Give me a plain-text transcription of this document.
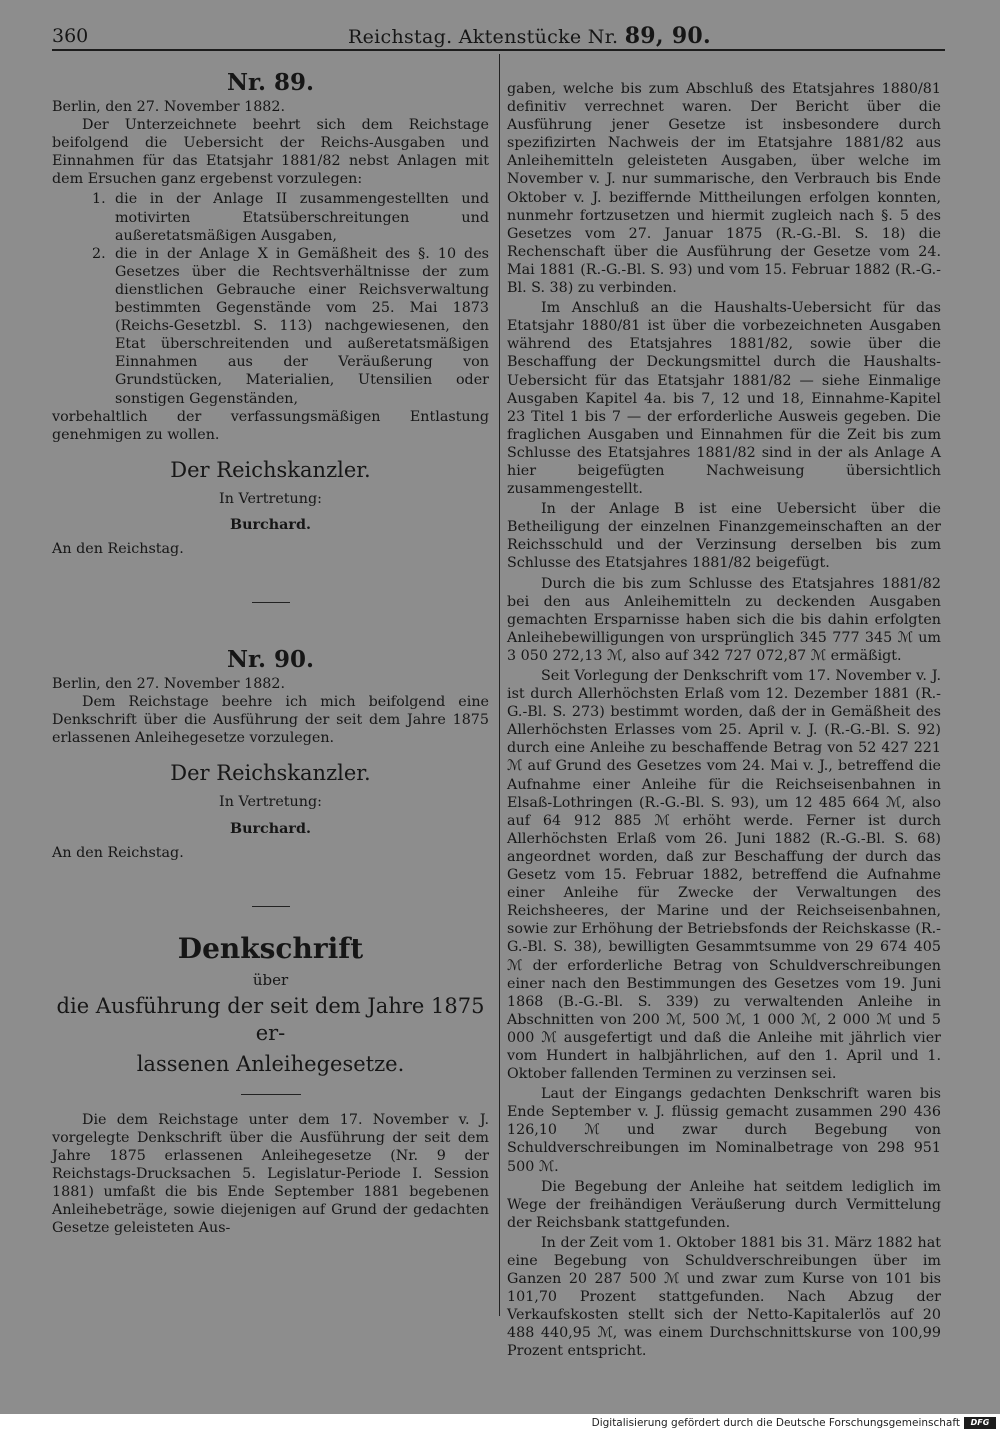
360	Reichstag. Aktenstücke Nr. 89, 90.
Nr. 89.

Berlin, den 27. November 1882.

Der Unterzeichnete beehrt sich dem Reichstage beifolgend die Uebersicht der Reichs-Ausgaben und Einnahmen für das Etatsjahr 1881/82 nebst Anlagen mit dem Ersuchen ganz ergebenst vorzulegen:

1. die in der Anlage II zusammengestellten und motivirten Etatsüberschreitungen und außeretatsmäßigen Ausgaben,
2. die in der Anlage X in Gemäßheit des §. 10 des Gesetzes über die Rechtsverhältnisse der zum dienstlichen Gebrauche einer Reichsverwaltung bestimmten Gegenstände vom 25. Mai 1873 (Reichs-Gesetzbl. S. 113) nachgewiesenen, den Etat überschreitenden und außeretatsmäßigen Einnahmen aus der Veräußerung von Grundstücken, Materialien, Utensilien oder sonstigen Gegenständen,

vorbehaltlich der verfassungsmäßigen Entlastung genehmigen zu wollen.

Der Reichskanzler.
In Vertretung:
Burchard.
An den Reichstag.
Nr. 90.

Berlin, den 27. November 1882.

Dem Reichstage beehre ich mich beifolgend eine Denkschrift über die Ausführung der seit dem Jahre 1875 erlassenen Anleihegesetze vorzulegen.

Der Reichskanzler.
In Vertretung:
Burchard.
An den Reichstag.
Denkschrift
über
die Ausführung der seit dem Jahre 1875 er-
lassenen Anleihegesetze.

Die dem Reichstage unter dem 17. November v. J. vorgelegte Denkschrift über die Ausführung der seit dem Jahre 1875 erlassenen Anleihegesetze (Nr. 9 der Reichstags-Drucksachen 5. Legislatur-Periode I. Session 1881) umfaßt die bis Ende September 1881 begebenen Anleihebeträge, sowie diejenigen auf Grund der gedachten Gesetze geleisteten Aus-

gaben, welche bis zum Abschluß des Etatsjahres 1880/81 definitiv verrechnet waren. Der Bericht über die Ausführung jener Gesetze ist insbesondere durch spezifizirten Nachweis der im Etatsjahre 1881/82 aus Anleihemitteln geleisteten Ausgaben, über welche im November v. J. nur summarische, den Verbrauch bis Ende Oktober v. J. beziffernde Mittheilungen erfolgen konnten, nunmehr fortzusetzen und hiermit zugleich nach §. 5 des Gesetzes vom 27. Januar 1875 (R.-G.-Bl. S. 18) die Rechenschaft über die Ausführung der Gesetze vom 24. Mai 1881 (R.-G.-Bl. S. 93) und vom 15. Februar 1882 (R.-G.-Bl. S. 38) zu verbinden.

Im Anschluß an die Haushalts-Uebersicht für das Etatsjahr 1880/81 ist über die vorbezeichneten Ausgaben während des Etatsjahres 1881/82, sowie über die Beschaffung der Deckungsmittel durch die Haushalts-Uebersicht für das Etatsjahr 1881/82 — siehe Einmalige Ausgaben Kapitel 4a. bis 7, 12 und 18, Einnahme-Kapitel 23 Titel 1 bis 7 — der erforderliche Ausweis gegeben. Die fraglichen Ausgaben und Einnahmen für die Zeit bis zum Schlusse des Etatsjahres 1881/82 sind in der als Anlage A hier beigefügten Nachweisung übersichtlich zusammengestellt.

In der Anlage B ist eine Uebersicht über die Betheiligung der einzelnen Finanzgemeinschaften an der Reichsschuld und der Verzinsung derselben bis zum Schlusse des Etatsjahres 1881/82 beigefügt.

Durch die bis zum Schlusse des Etatsjahres 1881/82 bei den aus Anleihemitteln zu deckenden Ausgaben gemachten Ersparnisse haben sich die bis dahin erfolgten Anleihebewilligungen von ursprünglich 345 777 345 ℳ um 3 050 272,13 ℳ, also auf 342 727 072,87 ℳ ermäßigt.

Seit Vorlegung der Denkschrift vom 17. November v. J. ist durch Allerhöchsten Erlaß vom 12. Dezember 1881 (R.-G.-Bl. S. 273) bestimmt worden, daß der in Gemäßheit des Allerhöchsten Erlasses vom 25. April v. J. (R.-G.-Bl. S. 92) durch eine Anleihe zu beschaffende Betrag von 52 427 221 ℳ auf Grund des Gesetzes vom 24. Mai v. J., betreffend die Aufnahme einer Anleihe für die Reichseisenbahnen in Elsaß-Lothringen (R.-G.-Bl. S. 93), um 12 485 664 ℳ, also auf 64 912 885 ℳ erhöht werde. Ferner ist durch Allerhöchsten Erlaß vom 26. Juni 1882 (R.-G.-Bl. S. 68) angeordnet worden, daß zur Beschaffung der durch das Gesetz vom 15. Februar 1882, betreffend die Aufnahme einer Anleihe für Zwecke der Verwaltungen des Reichsheeres, der Marine und der Reichseisenbahnen, sowie zur Erhöhung der Betriebsfonds der Reichskasse (R.-G.-Bl. S. 38), bewilligten Gesammtsumme von 29 674 405 ℳ der erforderliche Betrag von Schuldverschreibungen einer nach den Bestimmungen des Gesetzes vom 19. Juni 1868 (B.-G.-Bl. S. 339) zu verwaltenden Anleihe in Abschnitten von 200 ℳ, 500 ℳ, 1 000 ℳ, 2 000 ℳ und 5 000 ℳ ausgefertigt und daß die Anleihe mit jährlich vier vom Hundert in halbjährlichen, auf den 1. April und 1. Oktober fallenden Terminen zu verzinsen sei.

Laut der Eingangs gedachten Denkschrift waren bis Ende September v. J. flüssig gemacht zusammen 290 436 126,10 ℳ und zwar durch Begebung von Schuldverschreibungen im Nominalbetrage von 298 951 500 ℳ.

Die Begebung der Anleihe hat seitdem lediglich im Wege der freihändigen Veräußerung durch Vermittelung der Reichsbank stattgefunden.

In der Zeit vom 1. Oktober 1881 bis 31. März 1882 hat eine Begebung von Schuldverschreibungen über im Ganzen 20 287 500 ℳ und zwar zum Kurse von 101 bis 101,70 Prozent stattgefunden. Nach Abzug der Verkaufskosten stellt sich der Netto-Kapitalerlös auf 20 488 440,95 ℳ, was einem Durchschnittskurse von 100,99 Prozent entspricht.

Digitalisierung gefördert durch die Deutsche Forschungsgemeinschaft	DFG
